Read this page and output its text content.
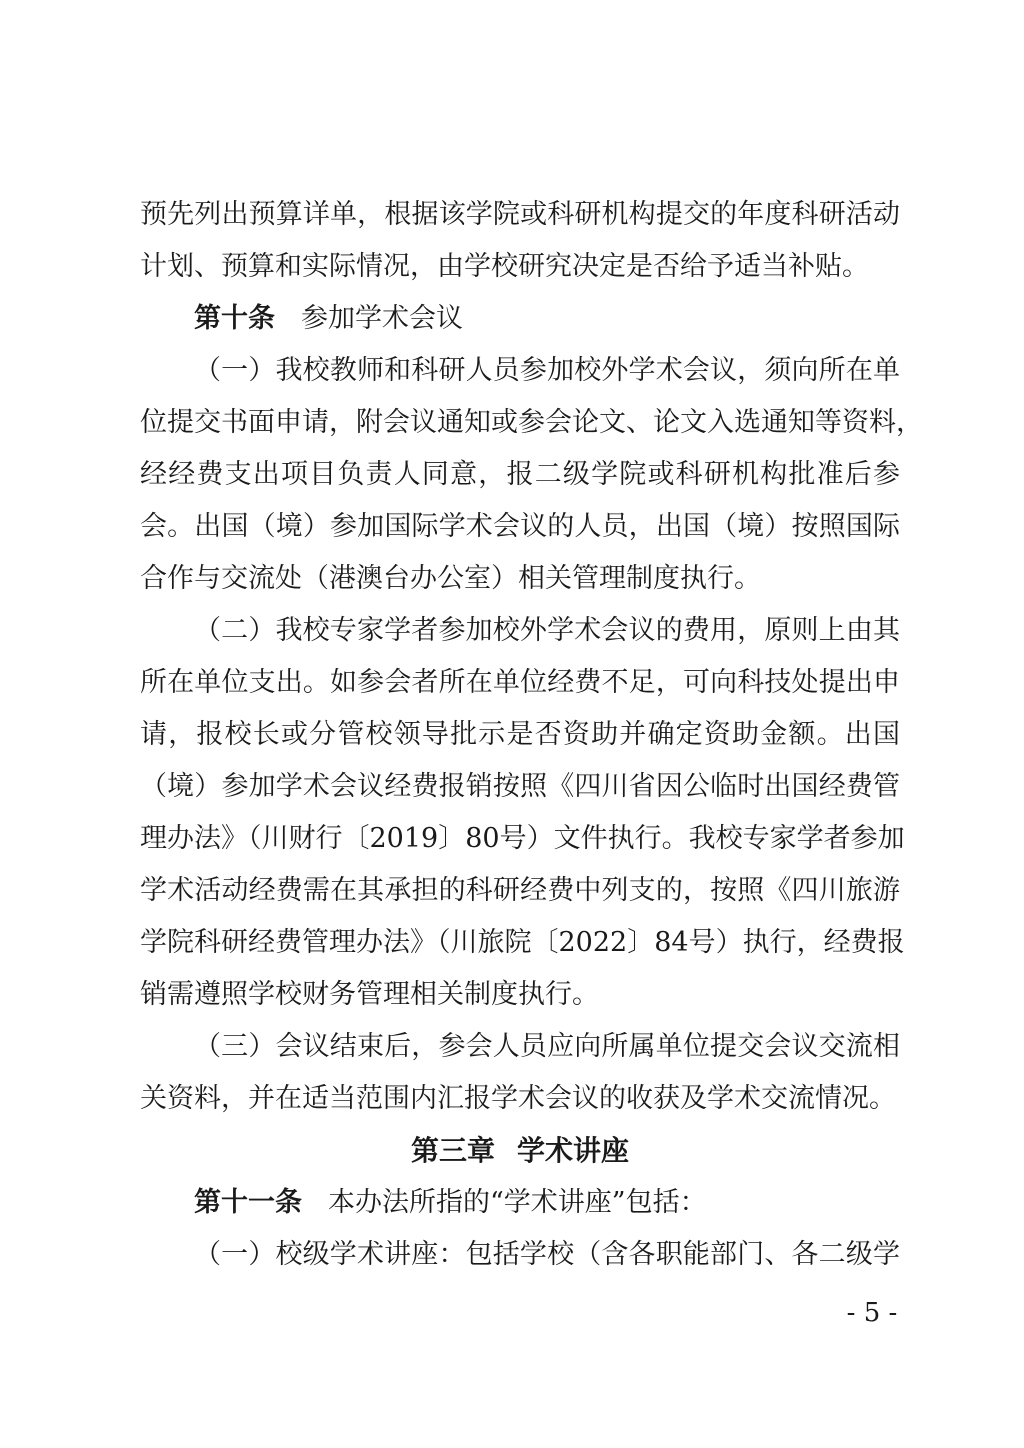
预先列出预算详单，根据该学院或科研机构提交的年度科研活动
计划、预算和实际情况，由学校研究决定是否给予适当补贴。
第十条 参加学术会议
（一）我校教师和科研人员参加校外学术会议，须向所在单
位提交书面申请，附会议通知或参会论文、论文入选通知等资料，
经经费支出项目负责人同意，报二级学院或科研机构批准后参
会。出国（境）参加国际学术会议的人员，出国（境）按照国际
合作与交流处（港澳台办公室）相关管理制度执行。
（二）我校专家学者参加校外学术会议的费用，原则上由其
所在单位支出。如参会者所在单位经费不足，可向科技处提出申
请，报校长或分管校领导批示是否资助并确定资助金额。出国
（境）参加学术会议经费报销按照《四川省因公临时出国经费管
理办法》（川财行〔2019〕80号）文件执行。我校专家学者参加
学术活动经费需在其承担的科研经费中列支的，按照《四川旅游
学院科研经费管理办法》（川旅院〔2022〕84号）执行，经费报
销需遵照学校财务管理相关制度执行。
（三）会议结束后，参会人员应向所属单位提交会议交流相
关资料，并在适当范围内汇报学术会议的收获及学术交流情况。
第三章 学术讲座
第十一条 本办法所指的“学术讲座”包括：
（一）校级学术讲座：包括学校（含各职能部门、各二级学
- 5 -
